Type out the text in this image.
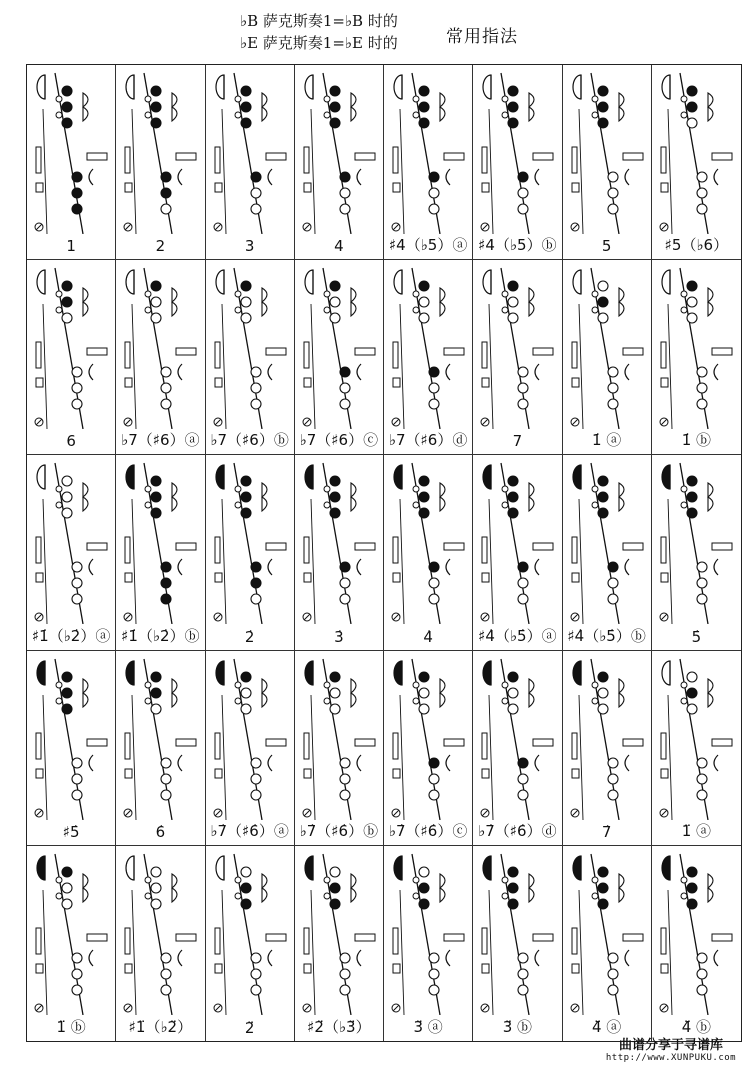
♭B 萨克斯奏1=♭B 时的
♭E 萨克斯奏1=♭E 时的	常用指法
1	2	3	4	♯4（♭5）ⓐ ♯4（♭5）ⓑ	5	♯5（♭6）
6	♭7（♯6）ⓐ ♭7（♯6）ⓑ ♭7（♯6）ⓒ ♭7（♯6）ⓓ	7	1̇ ⓐ	1̇ ⓑ
♯1̇（♭2̇）ⓐ ♯1̇（♭2̇）ⓑ	2̇	3̇	4̇	♯4̇（♭5̇）ⓐ ♯4̇（♭5̇）ⓑ	5̇
♯5̇	6̇	♭7̇（♯6̇）ⓐ ♭7̇（♯6̇）ⓑ ♭7̇（♯6̇）ⓒ ♭7̇（♯6̇）ⓓ	7̇	1̈ ⓐ
1̈ ⓑ	♯1̈（♭2̈）	2̈	♯2̈（♭3̈）	3̈ ⓐ	3̈ ⓑ	4̈ ⓐ	4̈ ⓑ
曲谱分享于寻谱库
http://www.XUNPUKU.com
